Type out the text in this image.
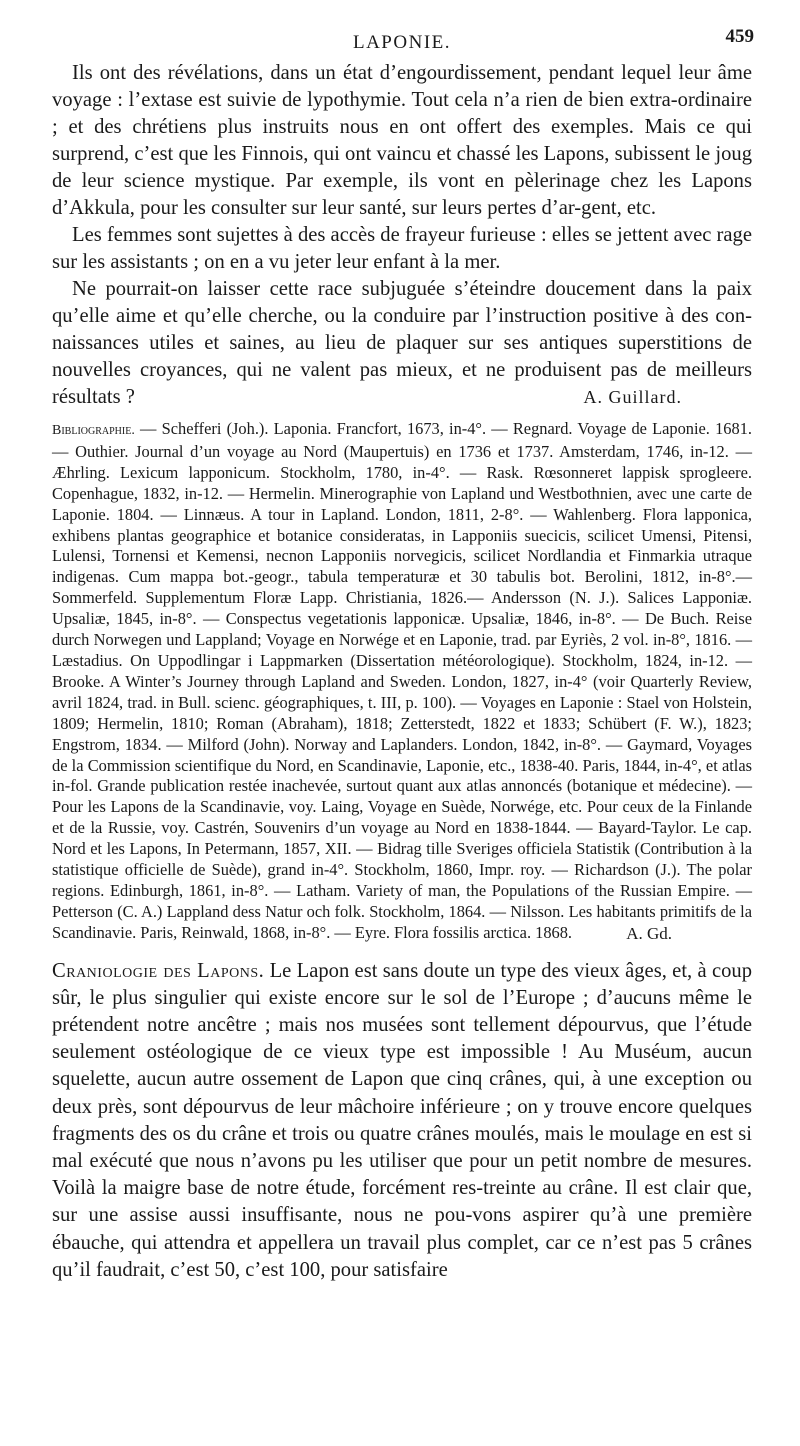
LAPONIE.	459

Ils ont des révélations, dans un état d’engourdissement, pendant lequel leur âme voyage : l’extase est suivie de lypothymie. Tout cela n’a rien de bien extra-ordinaire ; et des chrétiens plus instruits nous en ont offert des exemples. Mais ce qui surprend, c’est que les Finnois, qui ont vaincu et chassé les Lapons, subissent le joug de leur science mystique. Par exemple, ils vont en pèlerinage chez les Lapons d’Akkula, pour les consulter sur leur santé, sur leurs pertes d’ar-gent, etc.

Les femmes sont sujettes à des accès de frayeur furieuse : elles se jettent avec rage sur les assistants ; on en a vu jeter leur enfant à la mer.

Ne pourrait-on laisser cette race subjuguée s’éteindre doucement dans la paix qu’elle aime et qu’elle cherche, ou la conduire par l’instruction positive à des con-naissances utiles et saines, au lieu de plaquer sur ses antiques superstitions de nouvelles croyances, qui ne valent pas mieux, et ne produisent pas de meilleurs résultats ?	A. Guillard.
Bibliographie. — Schefferi (Joh.). Laponia. Francfort, 1673, in-4°. — Regnard. Voyage de Laponie. 1681. — Outhier. Journal d’un voyage au Nord (Maupertuis) en 1736 et 1737. Amsterdam, 1746, in-12. — Æhrling. Lexicum lapponicum. Stockholm, 1780, in-4°. — Rask. Rœsonneret lappisk sprogleere. Copenhague, 1832, in-12. — Hermelin. Minerographie von Lapland und Westbothnien, avec une carte de Laponie. 1804. — Linnæus. A tour in Lapland. London, 1811, 2-8°. — Wahlenberg. Flora lapponica, exhibens plantas geographice et botanice consideratas, in Lapponiis suecicis, scilicet Umensi, Pitensi, Lulensi, Tornensi et Kemensi, necnon Lapponiis norvegicis, scilicet Nordlandia et Finmarkia utraque indigenas. Cum mappa bot.-geogr., tabula temperaturæ et 30 tabulis bot. Berolini, 1812, in-8°.— Sommerfeld. Supplementum Floræ Lapp. Christiania, 1826.— Andersson (N. J.). Salices Lapponiæ. Upsaliæ, 1845, in-8°. — Conspectus vegetationis lapponicæ. Upsaliæ, 1846, in-8°. — De Buch. Reise durch Norwegen und Lappland; Voyage en Norwége et en Laponie, trad. par Eyriès, 2 vol. in-8°, 1816. — Læstadius. On Uppodlingar i Lappmarken (Dissertation météorologique). Stockholm, 1824, in-12. — Brooke. A Winter’s Journey through Lapland and Sweden. London, 1827, in-4° (voir Quarterly Review, avril 1824, trad. in Bull. scienc. géographiques, t. III, p. 100). — Voyages en Laponie : Stael von Holstein, 1809; Hermelin, 1810; Roman (Abraham), 1818; Zetterstedt, 1822 et 1833; Schübert (F. W.), 1823; Engstrom, 1834. — Milford (John). Norway and Laplanders. London, 1842, in-8°. — Gaymard, Voyages de la Commission scientifique du Nord, en Scandinavie, Laponie, etc., 1838-40. Paris, 1844, in-4°, et atlas in-fol. Grande publication restée inachevée, surtout quant aux atlas annoncés (botanique et médecine). — Pour les Lapons de la Scandinavie, voy. Laing, Voyage en Suède, Norwége, etc. Pour ceux de la Finlande et de la Russie, voy. Castrén, Souvenirs d’un voyage au Nord en 1838-1844. — Bayard-Taylor. Le cap. Nord et les Lapons, In Petermann, 1857, XII. — Bidrag tille Sveriges officiela Statistik (Contribution à la statistique officielle de Suède), grand in-4°. Stockholm, 1860, Impr. roy. — Richardson (J.). The polar regions. Edinburgh, 1861, in-8°. — Latham. Variety of man, the Populations of the Russian Empire. — Petterson (C. A.) Lappland dess Natur och folk. Stockholm, 1864. — Nilsson. Les habitants primitifs de la Scandinavie. Paris, Reinwald, 1868, in-8°. — Eyre. Flora fossilis arctica. 1868.	A. Gd.

Craniologie des Lapons. Le Lapon est sans doute un type des vieux âges, et, à coup sûr, le plus singulier qui existe encore sur le sol de l’Europe ; d’aucuns même le prétendent notre ancêtre ; mais nos musées sont tellement dépourvus, que l’étude seulement ostéologique de ce vieux type est impossible ! Au Muséum, aucun squelette, aucun autre ossement de Lapon que cinq crânes, qui, à une exception ou deux près, sont dépourvus de leur mâchoire inférieure ; on y trouve encore quelques fragments des os du crâne et trois ou quatre crânes moulés, mais le moulage en est si mal exécuté que nous n’avons pu les utiliser que pour un petit nombre de mesures. Voilà la maigre base de notre étude, forcément res-treinte au crâne. Il est clair que, sur une assise aussi insuffisante, nous ne pou-vons aspirer qu’à une première ébauche, qui attendra et appellera un travail plus complet, car ce n’est pas 5 crânes qu’il faudrait, c’est 50, c’est 100, pour satisfaire
